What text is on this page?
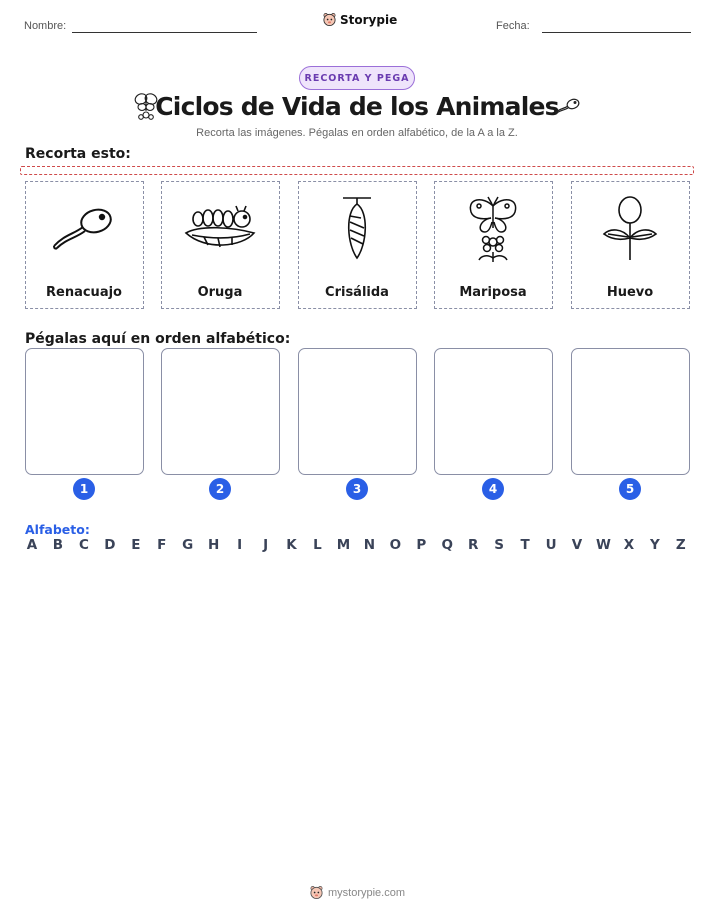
Nombre:	Storypie	Fecha:
RECORTA Y PEGA
Ciclos de Vida de los Animales
Recorta las imágenes. Pégalas en orden alfabético, de la A a la Z.
Recorta esto:
Renacuajo	Oruga	Crisálida	Mariposa	Huevo
Pégalas aquí en orden alfabético:
1	2	3	4	5
Alfabeto:
A B C D E F G H	I	J	K L M N O P Q R S T U V W X Y Z
mystorypie.com
